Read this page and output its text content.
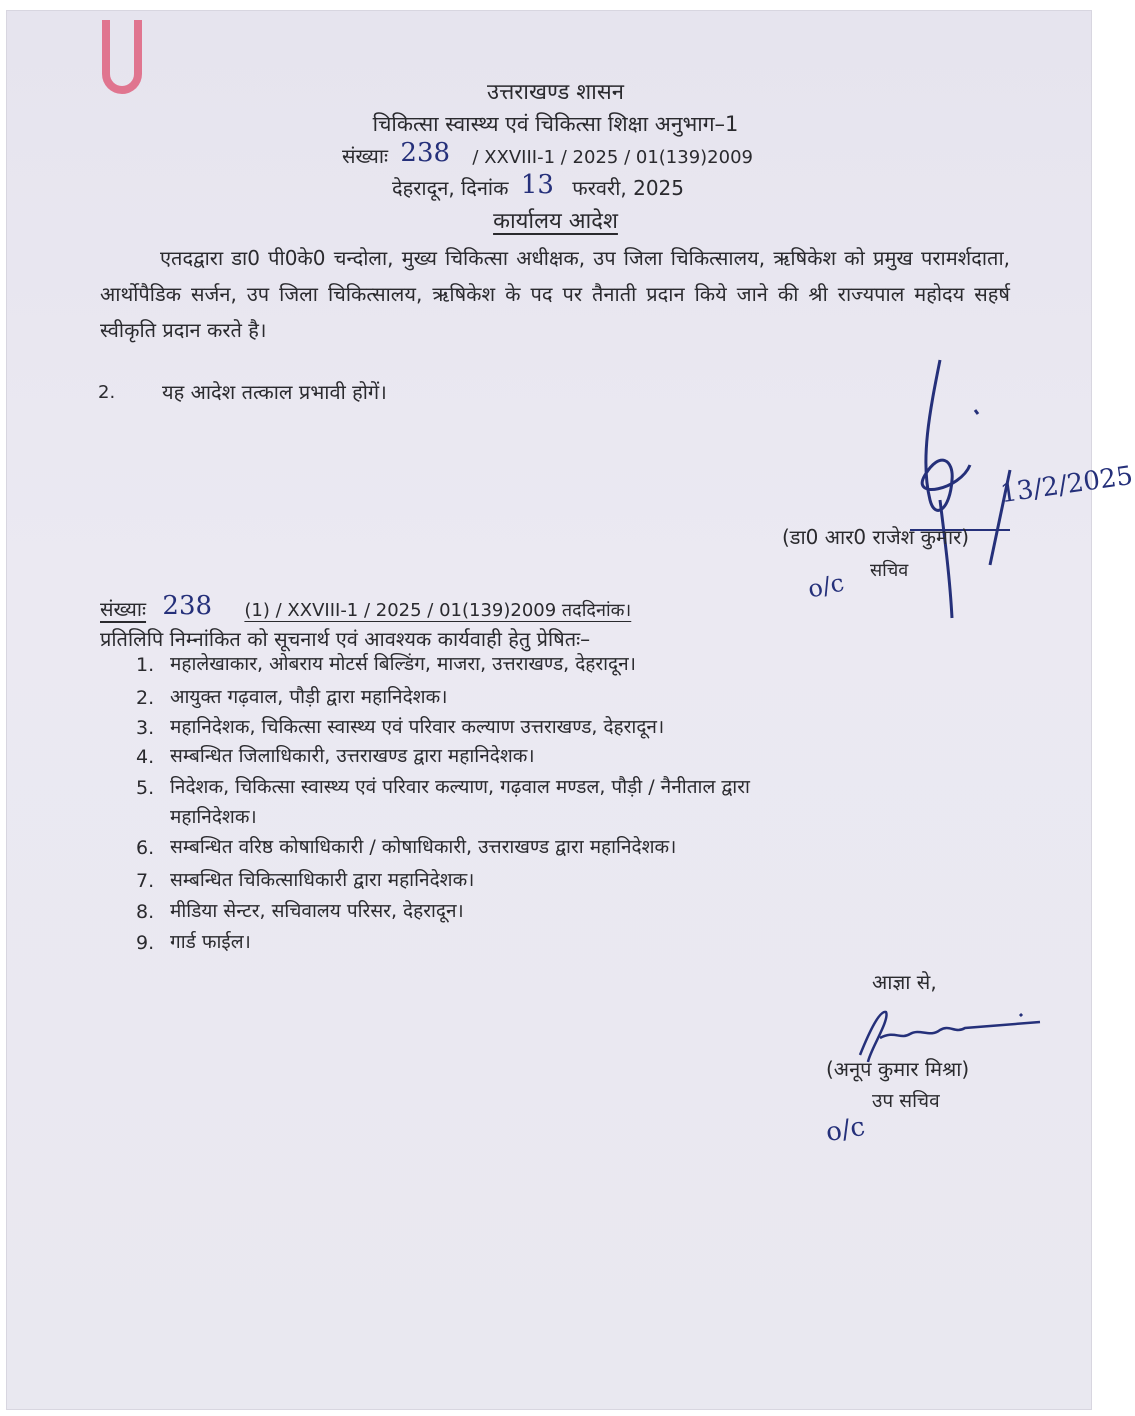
उत्तराखण्ड शासन
चिकित्सा स्वास्थ्य एवं चिकित्सा शिक्षा अनुभाग–1
संख्याः 238 / XXVIII-1 / 2025 / 01(139)2009
देहरादून, दिनांक 13 फरवरी, 2025
कार्यालय आदेश
एतदद्वारा डा0 पी0के0 चन्दोला, मुख्य चिकित्सा अधीक्षक, उप जिला चिकित्सालय, ऋषिकेश को प्रमुख परामर्शदाता, आर्थोपैडिक सर्जन, उप जिला चिकित्सालय, ऋषिकेश के पद पर तैनाती प्रदान किये जाने की श्री राज्यपाल महोदय सहर्ष स्वीकृति प्रदान करते है।
2. यह आदेश तत्काल प्रभावी होगें।
13/2/2025
(डा0 आर0 राजेश कुमार)
सचिव
o/c
संख्याः 238 (1) / XXVIII-1 / 2025 / 01(139)2009 तददिनांक।
प्रतिलिपि निम्नांकित को सूचनार्थ एवं आवश्यक कार्यवाही हेतु प्रेषितः–
1. महालेखाकार, ओबराय मोटर्स बिल्डिंग, माजरा, उत्तराखण्ड, देहरादून।
2. आयुक्त गढ़वाल, पौड़ी द्वारा महानिदेशक।
3. महानिदेशक, चिकित्सा स्वास्थ्य एवं परिवार कल्याण उत्तराखण्ड, देहरादून।
4. सम्बन्धित जिलाधिकारी, उत्तराखण्ड द्वारा महानिदेशक।
5. निदेशक, चिकित्सा स्वास्थ्य एवं परिवार कल्याण, गढ़वाल मण्डल, पौड़ी / नैनीताल द्वारा
महानिदेशक।
6. सम्बन्धित वरिष्ठ कोषाधिकारी / कोषाधिकारी, उत्तराखण्ड द्वारा महानिदेशक।
7. सम्बन्धित चिकित्साधिकारी द्वारा महानिदेशक।
8. मीडिया सेन्टर, सचिवालय परिसर, देहरादून।
9. गार्ड फाईल।
आज्ञा से,
(अनूप कुमार मिश्रा)
उप सचिव
o/c
